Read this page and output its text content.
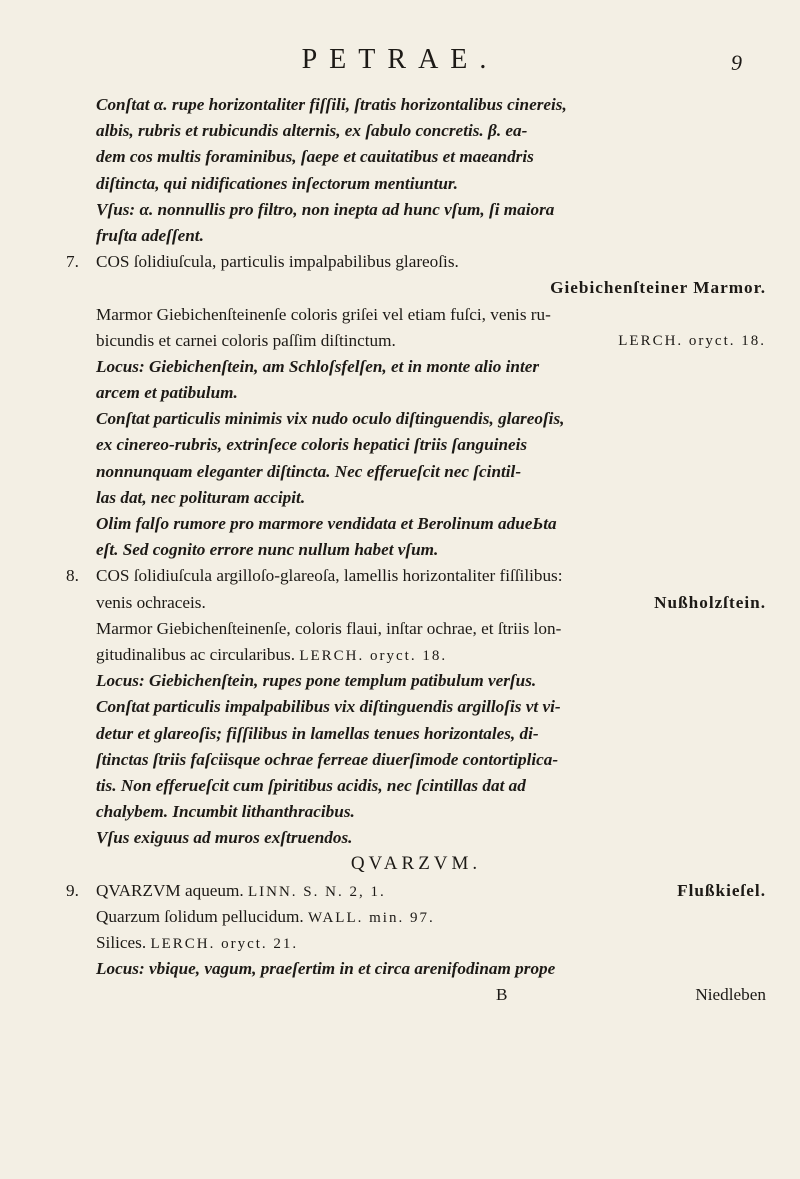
PETRAE.	9
Conſtat α. rupe horizontaliter fiſſili, ſtratis horizontalibus cinereis,
albis, rubris et rubicundis alternis, ex ſabulo concretis. β. ea-
dem cos multis foraminibus, ſaepe et cauitatibus et maeandris
diſtincta, qui nidificationes inſectorum mentiuntur.
Vſus: α. nonnullis pro filtro, non inepta ad hunc vſum, ſi maiora
fruſta adeſſent.
7. COS ſolidiuſcula, particulis impalpabilibus glareoſis.
Giebichenſteiner Marmor.
Marmor Giebichenſteinenſe coloris griſei vel etiam fuſci, venis ru-
bicundis et carnei coloris paſſim diſtinctum.	LERCH. oryct. 18.
Locus: Giebichenſtein, am Schloſsfelſen, et in monte alio inter
arcem et patibulum.
Conſtat particulis minimis vix nudo oculo diſtinguendis, glareoſis,
ex cinereo-rubris, extrinſece coloris hepatici ſtriis ſanguineis
nonnunquam eleganter diſtincta. Nec efferueſcit nec ſcintil-
las dat, nec polituram accipit.
Olim falſo rumore pro marmore vendidata et Berolinum adueЬta
eſt. Sed cognito errore nunc nullum habet vſum.
8. COS ſolidiuſcula argilloſo-glareoſa, lamellis horizontaliter fiſſilibus:
venis ochraceis.	Nußholzſtein.
Marmor Giebichenſteinenſe, coloris flaui, inſtar ochrae, et ſtriis lon-
gitudinalibus ac circularibus. LERCH. oryct. 18.
Locus: Giebichenſtein, rupes pone templum patibulum verſus.
Conſtat particulis impalpabilibus vix diſtinguendis argilloſis vt vi-
detur et glareoſis; fiſſilibus in lamellas tenues horizontales, di-
ſtinctas ſtriis faſciisque ochrae ferreae diuerſimode contortiplica-
tis. Non efferueſcit cum ſpiritibus acidis, nec ſcintillas dat ad
chalybem. Incumbit lithanthracibus.
Vſus exiguus ad muros exſtruendos.
QVARZVM.
9. QVARZVM aqueum. LINN. S. N. 2, 1.	Flußkieſel.
Quarzum ſolidum pellucidum. WALL. min. 97.
Silices. LERCH. oryct. 21.
Locus: vbique, vagum, praeſertim in et circa arenifodinam prope
B	Niedleben
